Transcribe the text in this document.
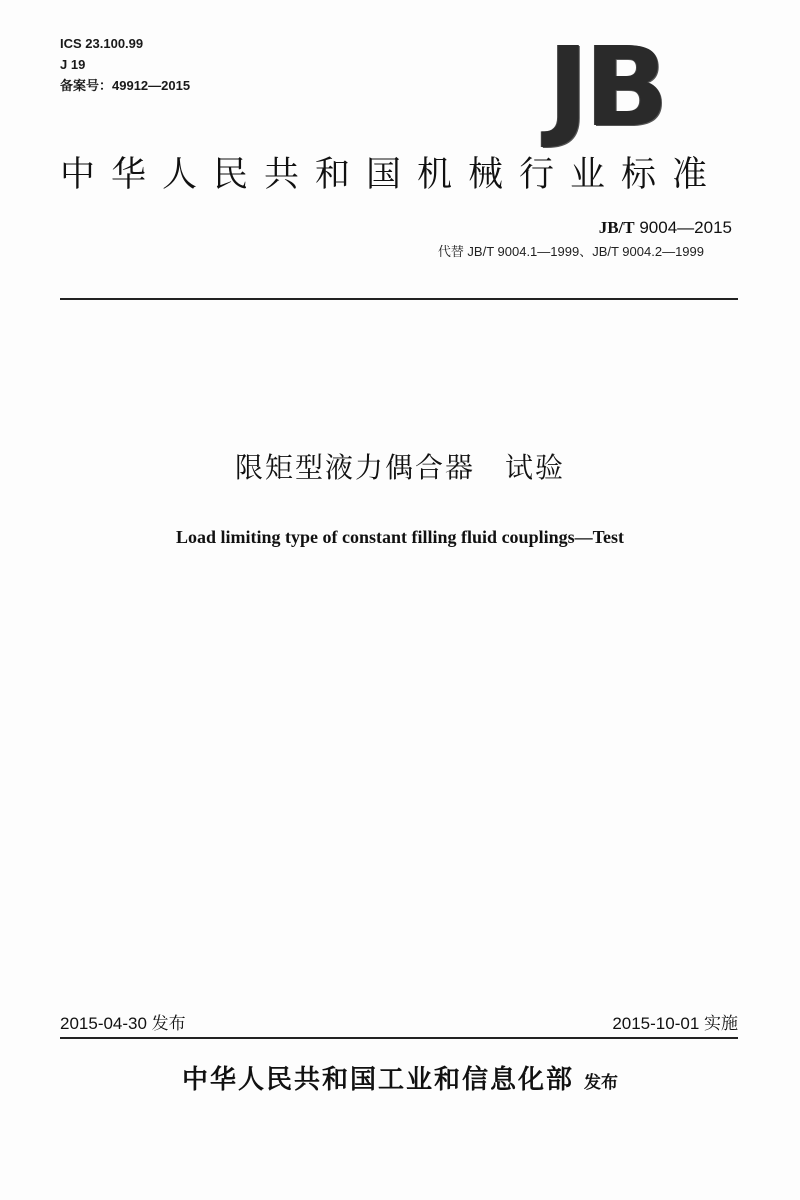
ICS 23.100.99
J 19
备案号：49912—2015	JB
中华人民共和国机械行业标准
JB/T 9004—2015
代替 JB/T 9004.1—1999、JB/T 9004.2—1999
限矩型液力偶合器　试验
Load limiting type of constant filling fluid couplings—Test
2015-04-30 发布	2015-10-01 实施
中华人民共和国工业和信息化部 发布
